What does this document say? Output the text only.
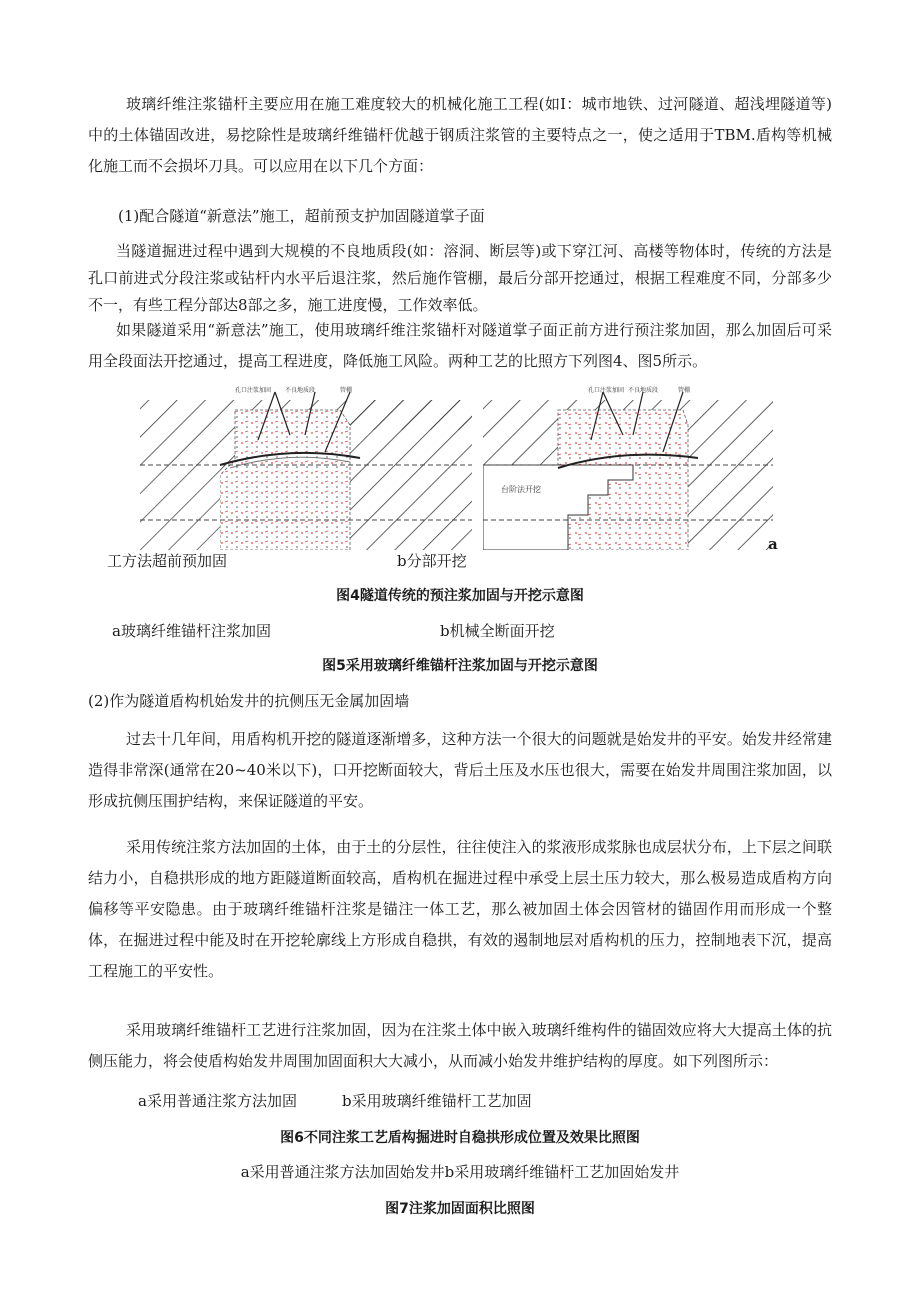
玻璃纤维注浆锚杆主要应用在施工难度较大的机械化施工工程(如I：城市地铁、过河隧道、超浅埋隧道等)中的土体锚固改进，易挖除性是玻璃纤维锚杆优越于钢质注浆管的主要特点之一，使之适用于TBM.盾构等机械化施工而不会损坏刀具。可以应用在以下几个方面：

(1)配合隧道“新意法”施工，超前预支护加固隧道掌子面

当隧道掘进过程中遇到大规模的不良地质段(如：溶洞、断层等)或下穿江河、高楼等物体时，传统的方法是孔口前进式分段注浆或钻杆内水平后退注浆，然后施作管棚，最后分部开挖通过，根据工程难度不同，分部多少不一，有些工程分部达8部之多，施工进度慢，工作效率低。

如果隧道采用“新意法”施工，使用玻璃纤维注浆锚杆对隧道掌子面正前方进行预注浆加固，那么加固后可采用全段面法开挖通过，提高工程进度，降低施工风险。两种工艺的比照方下列图4、图5所示。

孔口注浆加固 不良地质段	管棚	孔口注浆加固 不良地质段	管棚
台阶法开挖

工方法超前预加固	b分部开挖

a

图4隧道传统的预注浆加固与开挖示意图

a玻璃纤维锚杆注浆加固	b机械全断面开挖

图5采用玻璃纤维锚杆注浆加固与开挖示意图

(2)作为隧道盾构机始发井的抗侧压无金属加固墙

过去十几年间，用盾构机开挖的隧道逐渐增多，这种方法一个很大的问题就是始发井的平安。始发井经常建造得非常深(通常在20~40米以下)，口开挖断面较大，背后土压及水压也很大，需要在始发井周围注浆加固，以形成抗侧压围护结构，来保证隧道的平安。

采用传统注浆方法加固的土体，由于土的分层性，往往使注入的浆液形成浆脉也成层状分布，上下层之间联结力小，自稳拱形成的地方距隧道断面较高，盾构机在掘进过程中承受上层土压力较大，那么极易造成盾构方向偏移等平安隐患。由于玻璃纤维锚杆注浆是锚注一体工艺，那么被加固土体会因管材的锚固作用而形成一个整体，在掘进过程中能及时在开挖轮廓线上方形成自稳拱，有效的遏制地层对盾构机的压力，控制地表下沉，提高工程施工的平安性。

采用玻璃纤维锚杆工艺进行注浆加固，因为在注浆土体中嵌入玻璃纤维构件的锚固效应将大大提高土体的抗侧压能力，将会使盾构始发井周围加固面积大大减小，从而减小始发井维护结构的厚度。如下列图所示：

a采用普通注浆方法加固	b采用玻璃纤维锚杆工艺加固

图6不同注浆工艺盾构掘进时自稳拱形成位置及效果比照图

a采用普通注浆方法加固始发井b采用玻璃纤维锚杆工艺加固始发井

图7注浆加固面积比照图
